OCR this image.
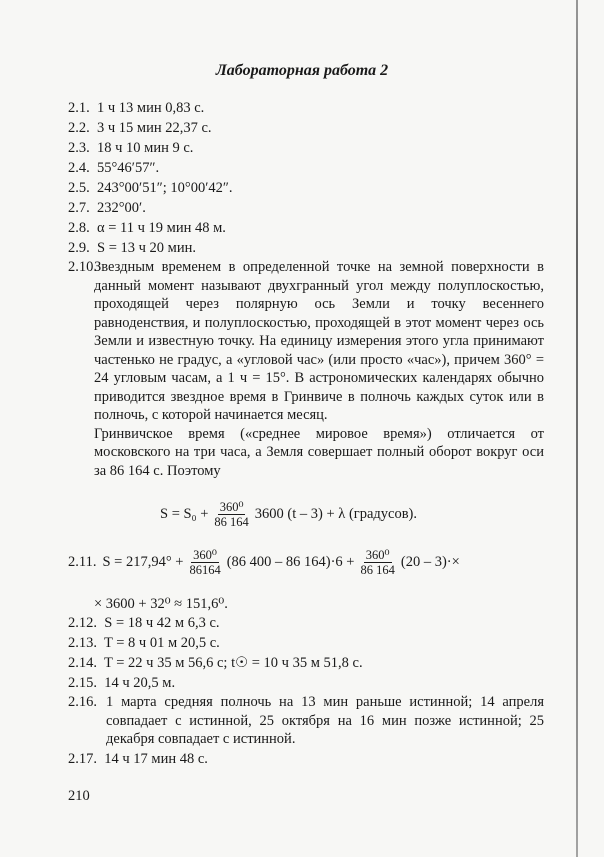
Лабораторная работа 2
2.1.  1 ч 13 мин 0,83 с.
2.2.  3 ч 15 мин 22,37 с.
2.3.  18 ч 10 мин 9 с.
2.4.  55°46′57″.
2.5.  243°00′51″; 10°00′42″.
2.7.  232°00′.
2.8.  α = 11 ч 19 мин 48 м.
2.9.  S = 13 ч 20 мин.
2.10.

Звездным временем в определенной точке на земной поверхности в данный момент называют двухгранный угол между полуплоскостью, проходящей через полярную ось Земли и точку весеннего равноденствия, и полуплоскостью, проходящей в этот момент через ось Земли и известную точку. На единицу измерения этого угла принимают частенько не градус, а «угловой час» (или просто «час»), причем 360° = 24 угловым часам, а 1 ч = 15°. В астрономических календарях обычно приводится звездное время в Гринвиче в полночь каждых суток или в полночь, с которой начинается месяц.

Гринвичское время («среднее мировое время») отличается от московского на три часа, а Земля совершает полный оборот вокруг оси за 86 164 с. Поэтому

$S = S_0 + \frac{\text{360⁰}}{86 164} 3600$ (t – 3) + λ (градусов).
2.11. $S = 217,94^\circ + \frac{\text{360⁰}}{86164} (86$ 400 – 86 $164)\cdot 6 + \frac{\text{360⁰}}{86 164} (20 - 3)\cdot\times$
× 3600 + 32⁰ ≈ 151,6⁰.
2.12.  S = 18 ч 42 м 6,3 с.
2.13.  T = 8 ч 01 м 20,5 с.
2.14.  T = 22 ч 35 м 56,6 с; t☉ = 10 ч 35 м 51,8 с.
2.15.  14 ч 20,5 м.
2.16. 1 марта средняя полночь на 13 мин раньше истинной; 14 апреля совпадает с истинной, 25 октября на 16 мин позже истинной; 25 декабря совпадает с истинной.

2.17.  14 ч 17 мин 48 с.
210
